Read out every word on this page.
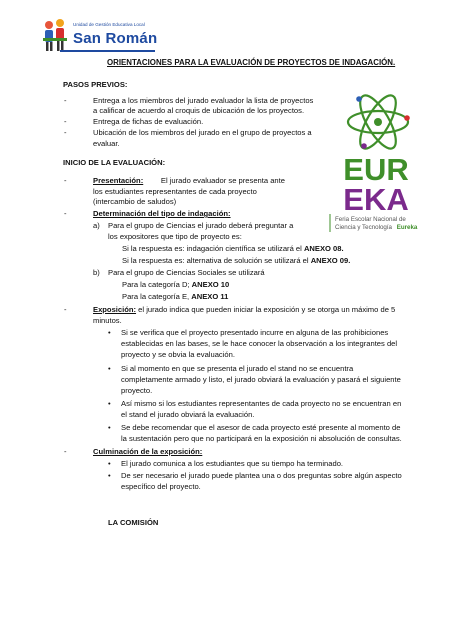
Unidad de Gestión Educativa Local
San Román
ORIENTACIONES PARA LA EVALUACIÓN DE PROYECTOS DE INDAGACIÓN.
EUR
EKA
Feria Escolar Nacional de
Ciencia y Tecnología Eureka
PASOS PREVIOS:
-	Entrega a los miembros del jurado evaluador la lista de proyectos
a calificar de acuerdo al croquis de ubicación de los proyectos.
-	Entrega de fichas de evaluación.
-	Ubicación de los miembros del jurado en el grupo de proyectos a
evaluar.
INICIO DE LA EVALUACIÓN:
-	Presentación: El jurado evaluador se presenta ante
los estudiantes representantes de cada proyecto
(intercambio de saludos)
-	Determinación del tipo de indagación:
a) Para el grupo de Ciencias el jurado deberá preguntar a
los expositores que tipo de proyecto es:
Si la respuesta es: indagación científica se utilizará el ANEXO 08.
Si la respuesta es: alternativa de solución se utilizará el ANEXO 09.
b) Para el grupo de Ciencias Sociales se utilizará
Para la categoría D; ANEXO 10
Para la categoría E, ANEXO 11
-	Exposición: el jurado indica que pueden iniciar la exposición y se otorga un máximo de 5
minutos.
• Si se verifica que el proyecto presentado incurre en alguna de las prohibiciones
establecidas en las bases, se le hace conocer la observación a los integrantes del
proyecto y se obvia la evaluación.
• Si al momento en que se presenta el jurado el stand no se encuentra
completamente armado y listo, el jurado obviará la evaluación y pasará el siguiente
proyecto.
• Así mismo si los estudiantes representantes de cada proyecto no se encuentran en
el stand el jurado obviará la evaluación.
• Se debe recomendar que el asesor de cada proyecto esté presente al momento de
la sustentación pero que no participará en la exposición ni absolución de consultas.
-	Culminación de la exposición:
• El jurado comunica a los estudiantes que su tiempo ha terminado.
• De ser necesario el jurado puede plantea una o dos preguntas sobre algún aspecto
específico del proyecto.
LA COMISIÓN
